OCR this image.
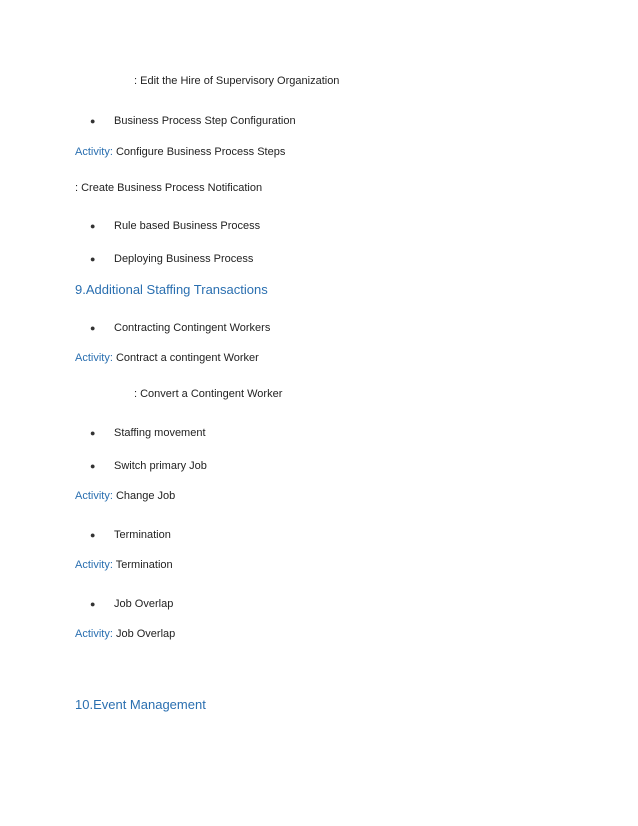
: Edit the Hire of Supervisory Organization
● Business Process Step Configuration
Activity: Configure Business Process Steps
: Create Business Process Notification
● Rule based Business Process
● Deploying Business Process
9.Additional Staffing Transactions
● Contracting Contingent Workers
Activity: Contract a contingent Worker
: Convert a Contingent Worker
● Staffing movement
● Switch primary Job
Activity: Change Job
● Termination
Activity: Termination
● Job Overlap
Activity: Job Overlap
10.Event Management
